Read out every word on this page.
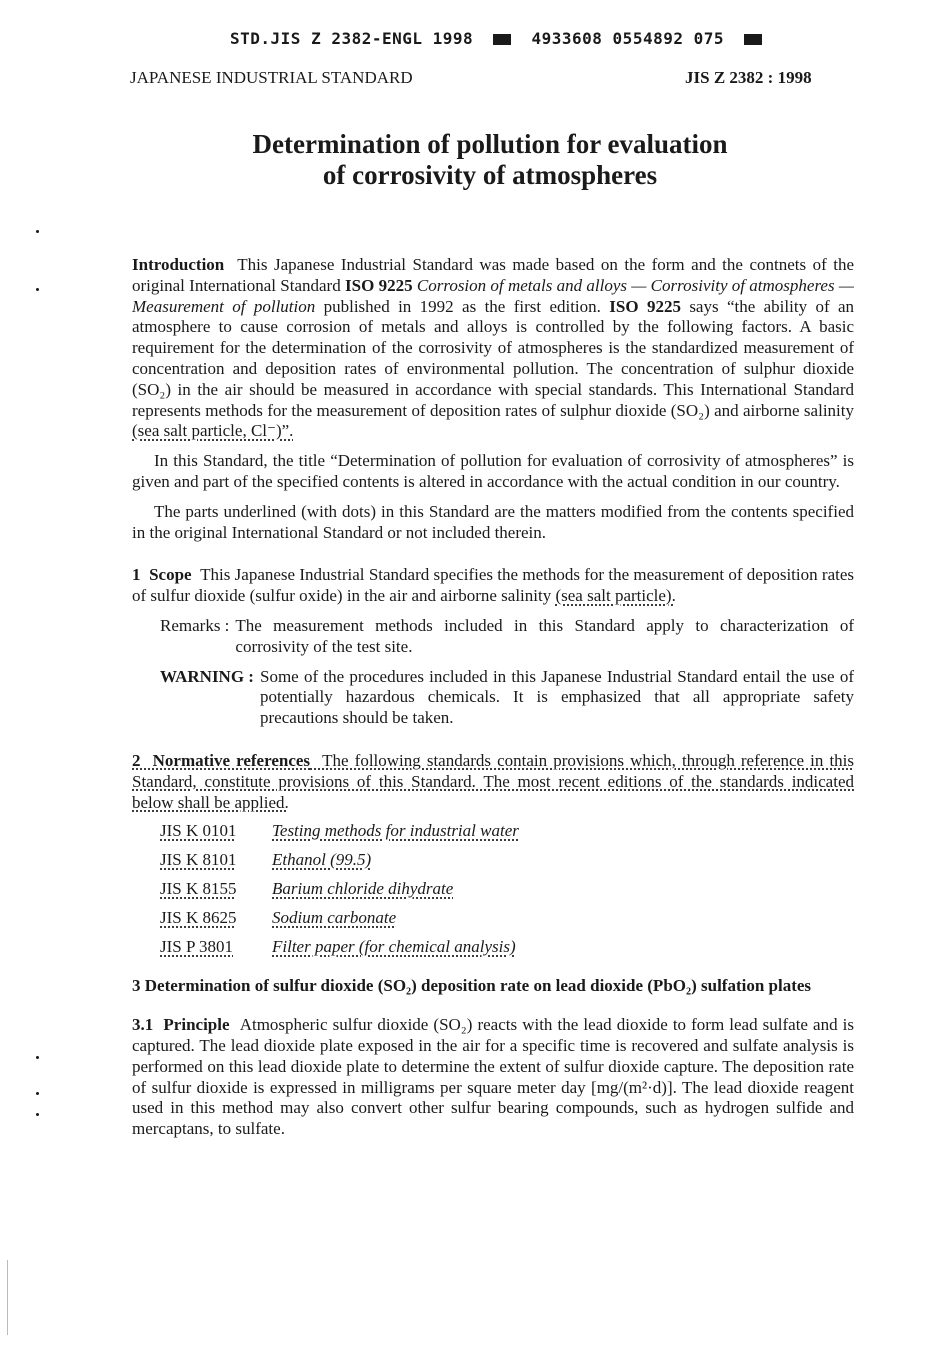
STD.JIS Z 2382-ENGL 1998	4933608 0554892 075
JAPANESE INDUSTRIAL STANDARD	JIS Z 2382 : 1998
Determination of pollution for evaluation
of corrosivity of atmospheres

Introduction This Japanese Industrial Standard was made based on the form and the contnets of the original International Standard ISO 9225 Corrosion of metals and alloys — Corrosivity of atmospheres — Measurement of pollution published in 1992 as the first edition. ISO 9225 says “the ability of an atmosphere to cause corrosion of metals and alloys is controlled by the following factors. A basic requirement for the determination of the corrosivity of atmospheres is the standardized measurement of concentration and deposition rates of environmental pollution. The concentration of sulphur dioxide (SO₂) in the air should be measured in accordance with special standards. This International Standard represents methods for the measurement of deposition rates of sulphur dioxide (SO₂) and airborne salinity (sea salt particle, Cl⁻)”.

In this Standard, the title “Determination of pollution for evaluation of corrosivity of atmospheres” is given and part of the specified contents is altered in accordance with the actual condition in our country.

The parts underlined (with dots) in this Standard are the matters modified from the contents specified in the original International Standard or not included therein.

1 Scope This Japanese Industrial Standard specifies the methods for the measurement of deposition rates of sulfur dioxide (sulfur oxide) in the air and airborne salinity (sea salt particle).

Remarks : The measurement methods included in this Standard apply to characterization of corrosivity of the test site.
WARNING : Some of the procedures included in this Japanese Industrial Standard entail the use of potentially hazardous chemicals. It is emphasized that all appropriate safety precautions should be taken.

2 Normative references The following standards contain provisions which, through reference in this Standard, constitute provisions of this Standard. The most recent editions of the standards indicated below shall be applied.

JIS K 0101 Testing methods for industrial water
JIS K 8101 Ethanol (99.5)
JIS K 8155 Barium chloride dihydrate
JIS K 8625 Sodium carbonate
JIS P 3801 Filter paper (for chemical analysis)

3 Determination of sulfur dioxide (SO₂) deposition rate on lead dioxide (PbO₂) sulfation plates

3.1 Principle Atmospheric sulfur dioxide (SO₂) reacts with the lead dioxide to form lead sulfate and is captured. The lead dioxide plate exposed in the air for a specific time is recovered and sulfate analysis is performed on this lead dioxide plate to determine the extent of sulfur dioxide capture. The deposition rate of sulfur dioxide is expressed in milligrams per square meter day [mg/(m²·d)]. The lead dioxide reagent used in this method may also convert other sulfur bearing compounds, such as hydrogen sulfide and mercaptans, to sulfate.
